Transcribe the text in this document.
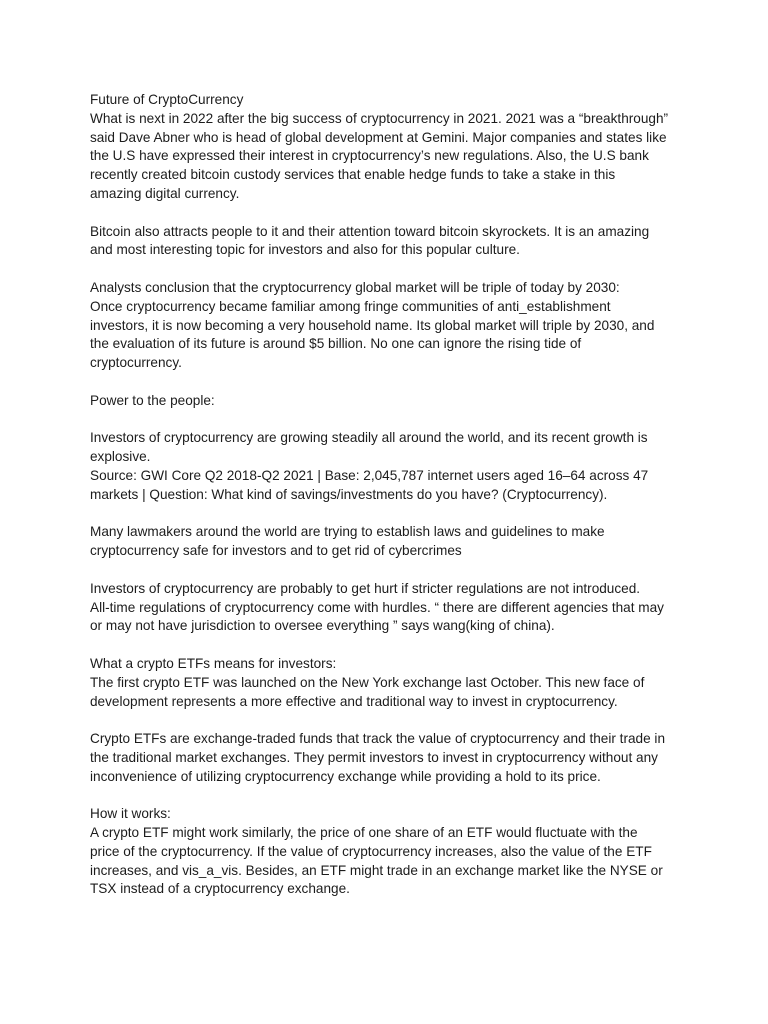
Future of CryptoCurrency
What is next in 2022 after the big success of cryptocurrency in 2021. 2021 was a “breakthrough”
said Dave Abner who is head of global development at Gemini. Major companies and states like
the U.S have expressed their interest in cryptocurrency’s new regulations. Also, the U.S bank
recently created bitcoin custody services that enable hedge funds to take a stake in this
amazing digital currency.
Bitcoin also attracts people to it and their attention toward bitcoin skyrockets. It is an amazing
and most interesting topic for investors and also for this popular culture.
Analysts conclusion that the cryptocurrency global market will be triple of today by 2030:
Once cryptocurrency became familiar among fringe communities of anti_establishment
investors, it is now becoming a very household name. Its global market will triple by 2030, and
the evaluation of its future is around $5 billion. No one can ignore the rising tide of
cryptocurrency.
Power to the people:
Investors of cryptocurrency are growing steadily all around the world, and its recent growth is
explosive.
Source: GWI Core Q2 2018-Q2 2021 | Base: 2,045,787 internet users aged 16–64 across 47
markets | Question: What kind of savings/investments do you have? (Cryptocurrency).
Many lawmakers around the world are trying to establish laws and guidelines to make
cryptocurrency safe for investors and to get rid of cybercrimes
Investors of cryptocurrency are probably to get hurt if stricter regulations are not introduced.
All-time regulations of cryptocurrency come with hurdles. “ there are different agencies that may
or may not have jurisdiction to oversee everything ” says wang(king of china).
What a crypto ETFs means for investors:
The first crypto ETF was launched on the New York exchange last October. This new face of
development represents a more effective and traditional way to invest in cryptocurrency.
Crypto ETFs are exchange-traded funds that track the value of cryptocurrency and their trade in
the traditional market exchanges. They permit investors to invest in cryptocurrency without any
inconvenience of utilizing cryptocurrency exchange while providing a hold to its price.
How it works:
A crypto ETF might work similarly, the price of one share of an ETF would fluctuate with the
price of the cryptocurrency. If the value of cryptocurrency increases, also the value of the ETF
increases, and vis_a_vis. Besides, an ETF might trade in an exchange market like the NYSE or
TSX instead of a cryptocurrency exchange.
